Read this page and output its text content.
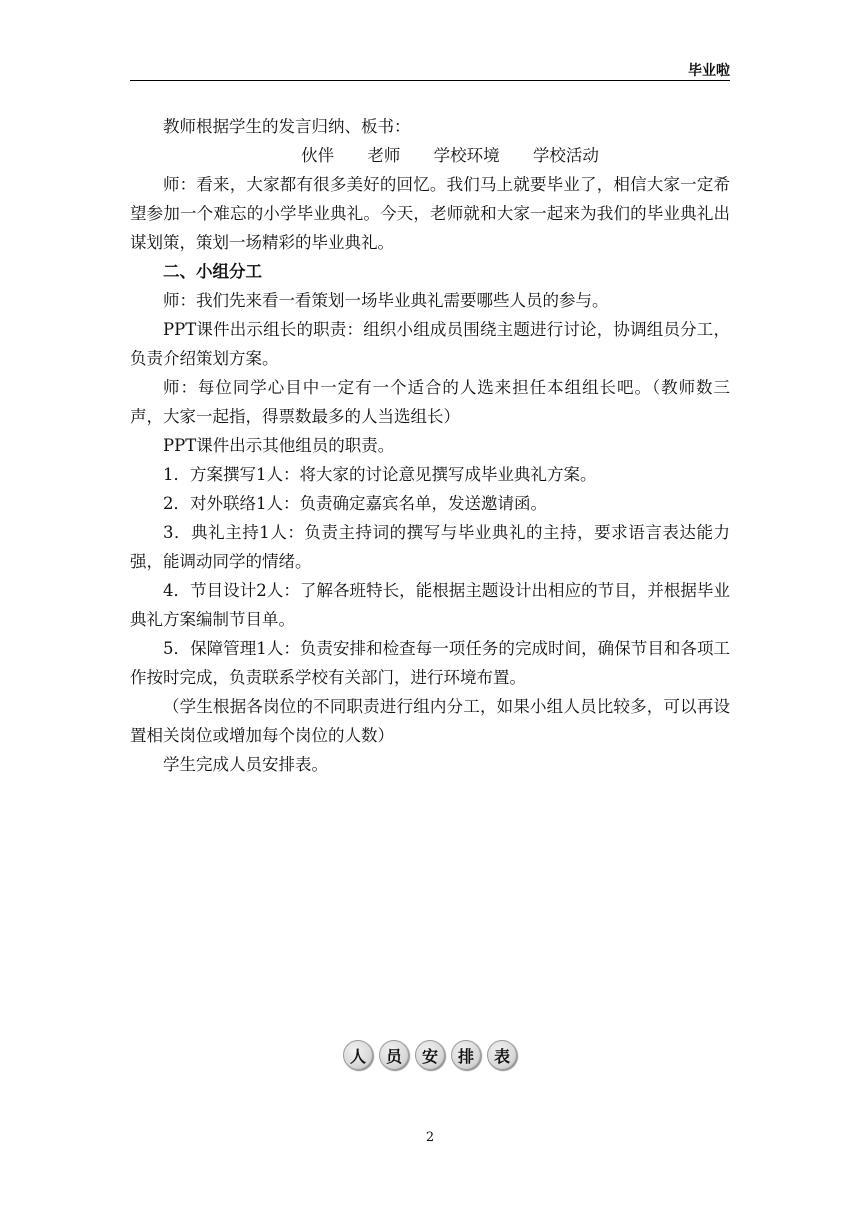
毕业啦

教师根据学生的发言归纳、板书：

伙伴 老师 学校环境 学校活动

师：看来，大家都有很多美好的回忆。我们马上就要毕业了，相信大家一定希望参加一个难忘的小学毕业典礼。今天，老师就和大家一起来为我们的毕业典礼出谋划策，策划一场精彩的毕业典礼。

二、小组分工

师：我们先来看一看策划一场毕业典礼需要哪些人员的参与。

PPT课件出示组长的职责：组织小组成员围绕主题进行讨论，协调组员分工，负责介绍策划方案。

师：每位同学心目中一定有一个适合的人选来担任本组组长吧。（教师数三声，大家一起指，得票数最多的人当选组长）

PPT课件出示其他组员的职责。

1．方案撰写1人：将大家的讨论意见撰写成毕业典礼方案。

2．对外联络1人：负责确定嘉宾名单，发送邀请函。

3．典礼主持1人：负责主持词的撰写与毕业典礼的主持，要求语言表达能力强，能调动同学的情绪。

4．节目设计2人：了解各班特长，能根据主题设计出相应的节目，并根据毕业典礼方案编制节目单。

5．保障管理1人：负责安排和检查每一项任务的完成时间，确保节目和各项工作按时完成，负责联系学校有关部门，进行环境布置。

（学生根据各岗位的不同职责进行组内分工，如果小组人员比较多，可以再设置相关岗位或增加每个岗位的人数）

学生完成人员安排表。

人	员	安	排	表
2
